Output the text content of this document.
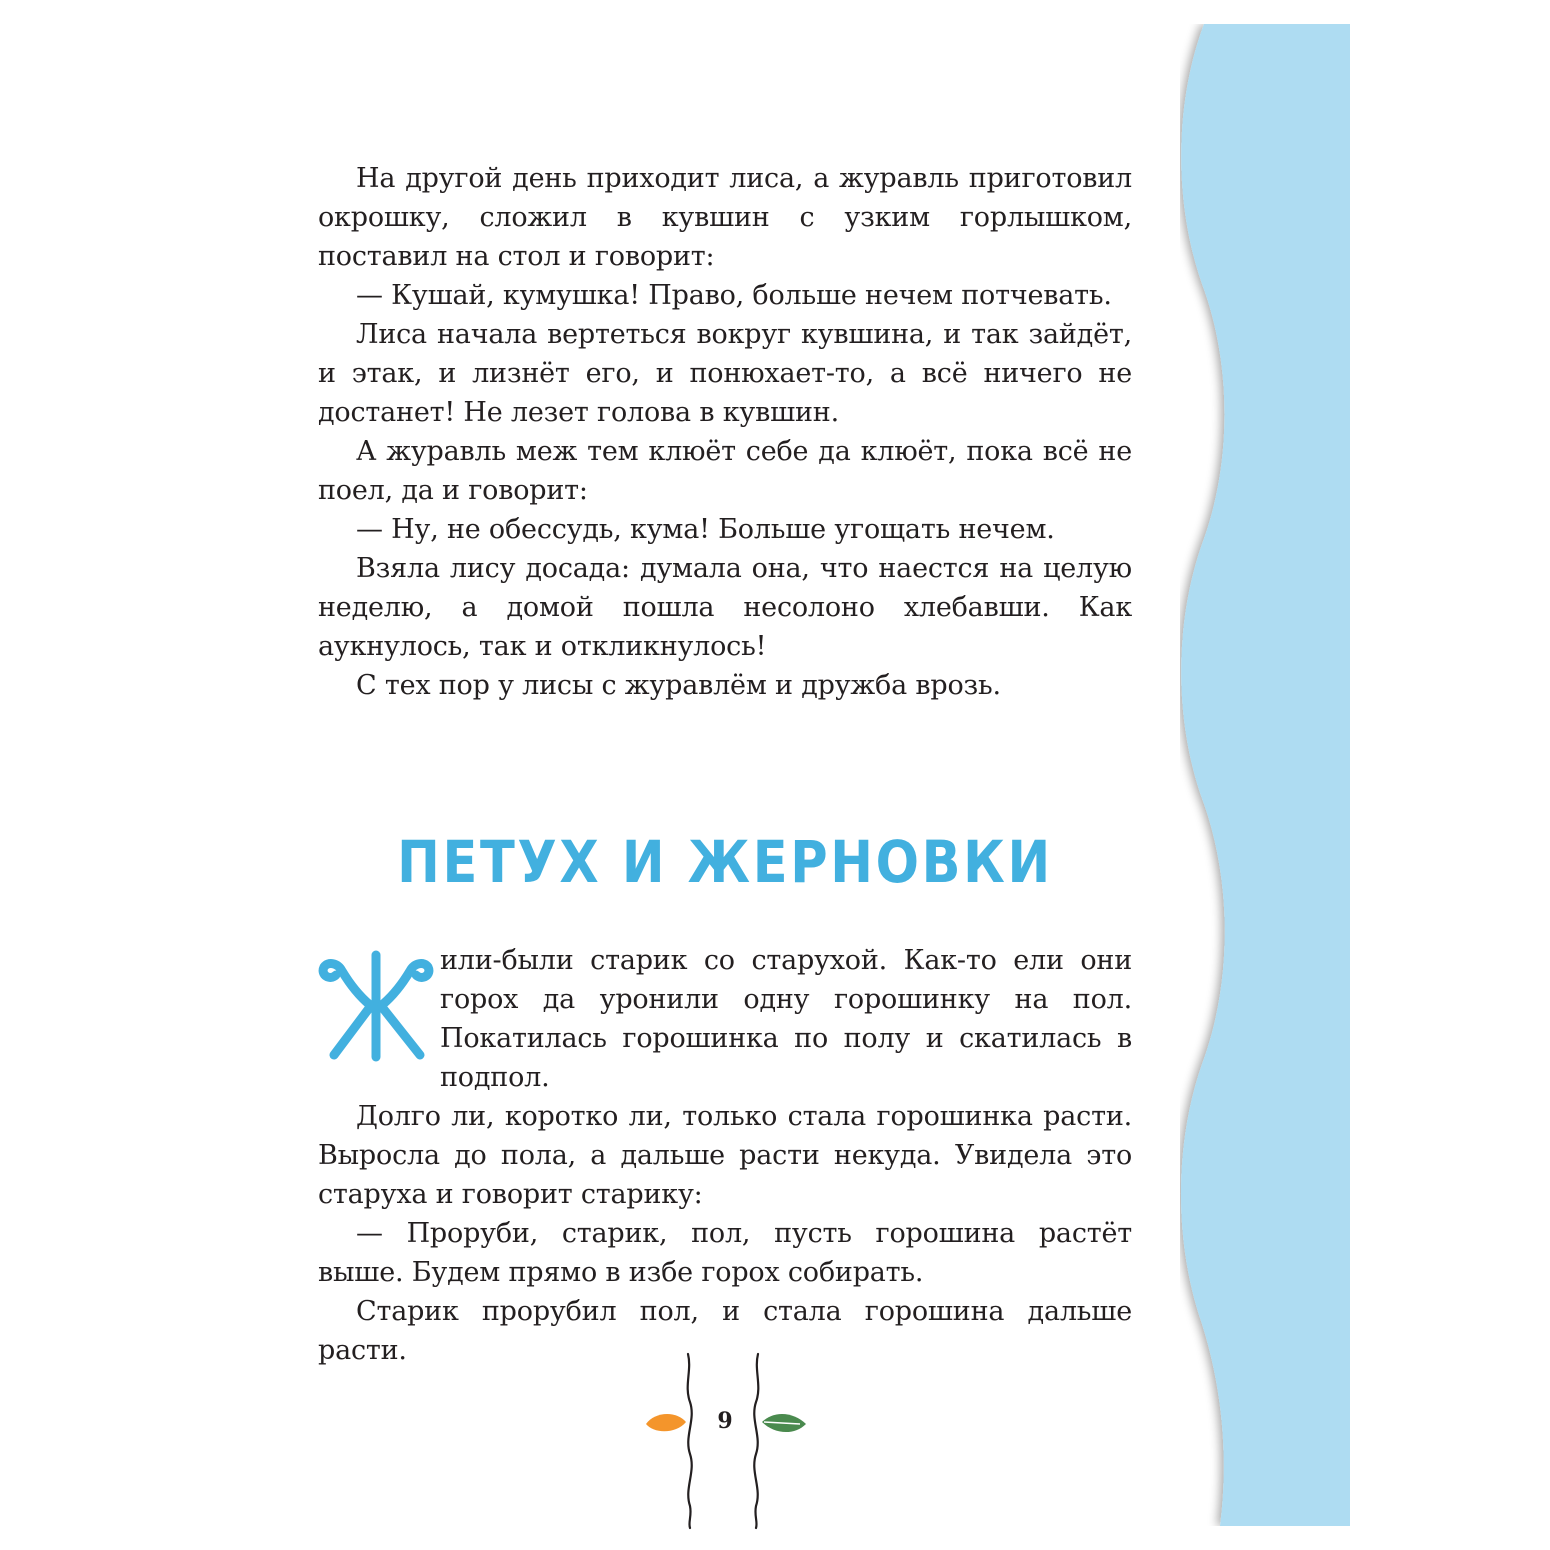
На другой день приходит лиса, а журавль приготовил окрошку, сложил в кувшин с узким горлышком, поставил на стол и говорит:

— Кушай, кумушка! Право, больше нечем потчевать.

Лиса начала вертеться вокруг кувшина, и так зайдёт, и этак, и лизнёт его, и понюхает-то, а всё ничего не достанет! Не лезет голова в кувшин.

А журавль меж тем клюёт себе да клюёт, пока всё не поел, да и говорит:

— Ну, не обессудь, кума! Больше угощать нечем.

Взяла лису досада: думала она, что наестся на целую неделю, а домой пошла несолоно хлебавши. Как аукнулось, так и откликнулось!

С тех пор у лисы с журавлём и дружба врозь.

ПЕТУХ И ЖЕРНОВКИ

или-были старик со старухой. Как-то ели они горох да уронили одну горошинку на пол. Покатилась горошинка по полу и скатилась в подпол.

Долго ли, коротко ли, только стала горошинка расти. Выросла до пола, а дальше расти некуда. Увидела это старуха и говорит старику:

— Проруби, старик, пол, пусть горошина растёт выше. Будем прямо в избе горох собирать.

Старик прорубил пол, и стала горошина дальше расти.

9
